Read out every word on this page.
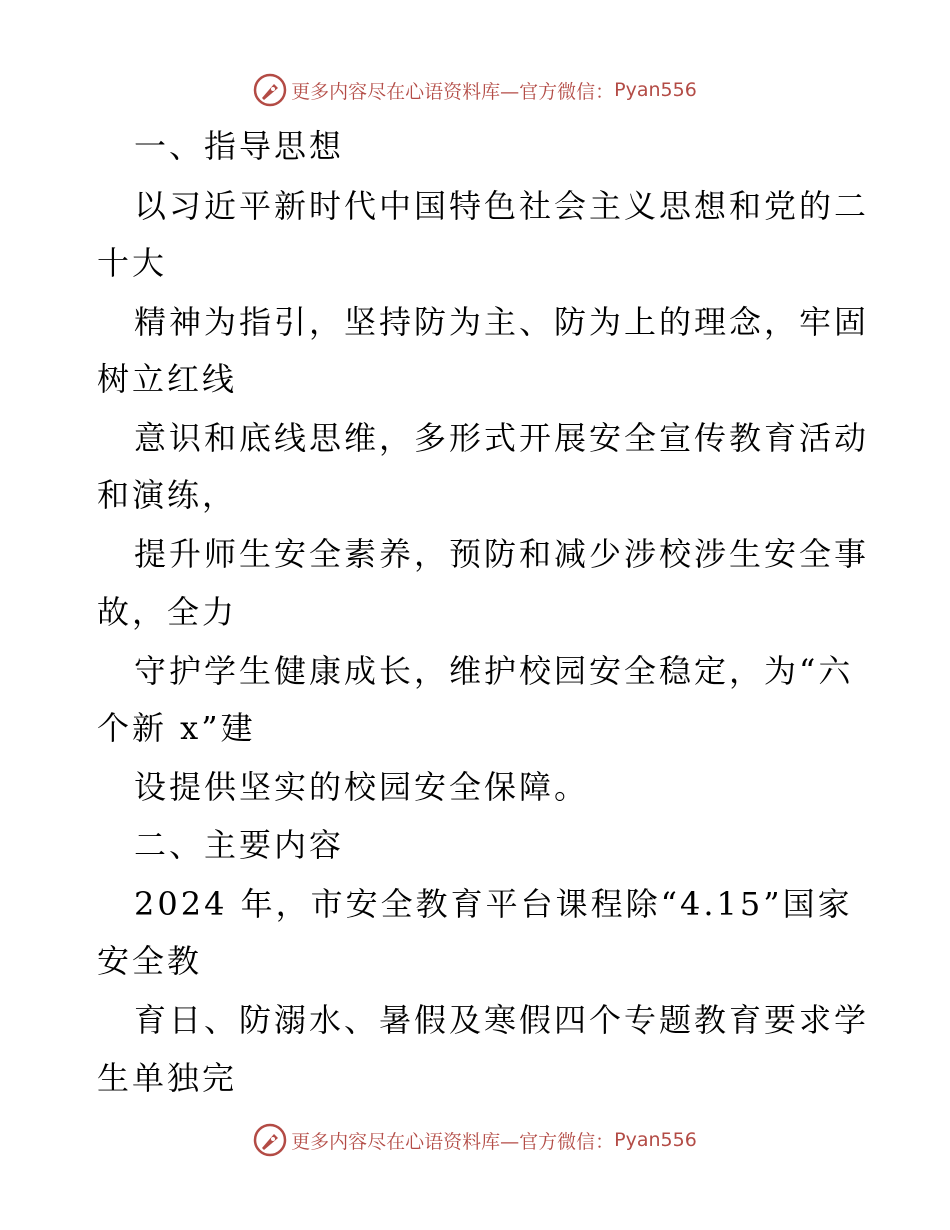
更多内容尽在心语资料库—官方微信： Pyan556
一、指导思想
以习近平新时代中国特色社会主义思想和党的二
十大
精神为指引，坚持防为主、防为上的理念，牢固
树立红线
意识和底线思维，多形式开展安全宣传教育活动
和演练，
提升师生安全素养，预防和减少涉校涉生安全事
故，全力
守护学生健康成长，维护校园安全稳定，为“六
个新 x”建
设提供坚实的校园安全保障。
二、主要内容
2024 年，市安全教育平台课程除“4.15”国家
安全教
育日、防溺水、暑假及寒假四个专题教育要求学
生单独完
更多内容尽在心语资料库—官方微信： Pyan556
